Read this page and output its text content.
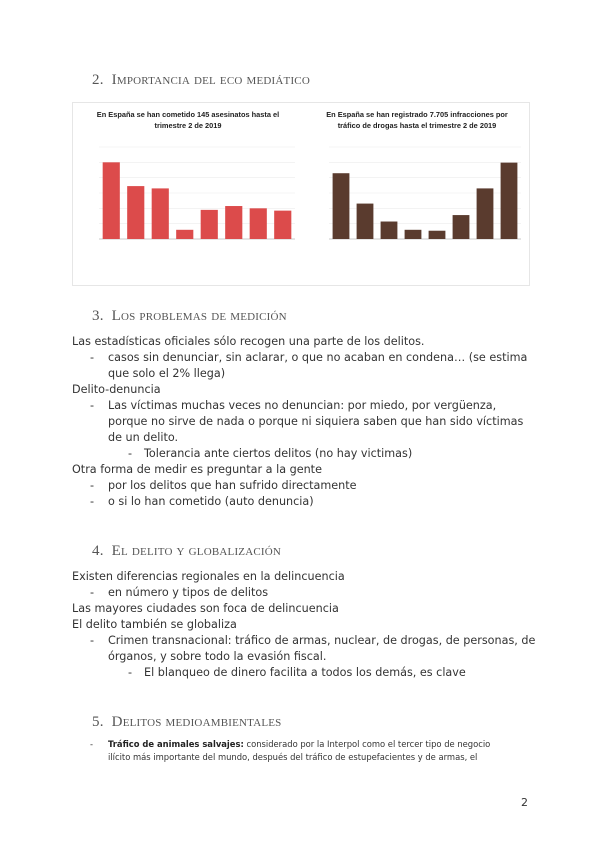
2. Importancia del eco mediático
En España se han cometido 145 asesinatos hasta el trimestre 2 de 2019
En España se han registrado 7.705 infracciones por tráfico de drogas hasta el trimestre 2 de 2019
3. Los problemas de medición
Las estadísticas oficiales sólo recogen una parte de los delitos.
- casos sin denunciar, sin aclarar, o que no acaban en condena… (se estima
que solo el 2% llega)
Delito-denuncia
- Las víctimas muchas veces no denuncian: por miedo, por vergüenza,
porque no sirve de nada o porque ni siquiera saben que han sido víctimas
de un delito.
- Tolerancia ante ciertos delitos (no hay victimas)
Otra forma de medir es preguntar a la gente
- por los delitos que han sufrido directamente
- o si lo han cometido (auto denuncia)
4. El delito y globalización
Existen diferencias regionales en la delincuencia
- en número y tipos de delitos
Las mayores ciudades son foca de delincuencia
El delito también se globaliza
- Crimen transnacional: tráfico de armas, nuclear, de drogas, de personas, de
órganos, y sobre todo la evasión fiscal.
- El blanqueo de dinero facilita a todos los demás, es clave
5. Delitos medioambientales
- Tráfico de animales salvajes: considerado por la Interpol como el tercer tipo de negocio
ilícito más importante del mundo, después del tráfico de estupefacientes y de armas, el
2
